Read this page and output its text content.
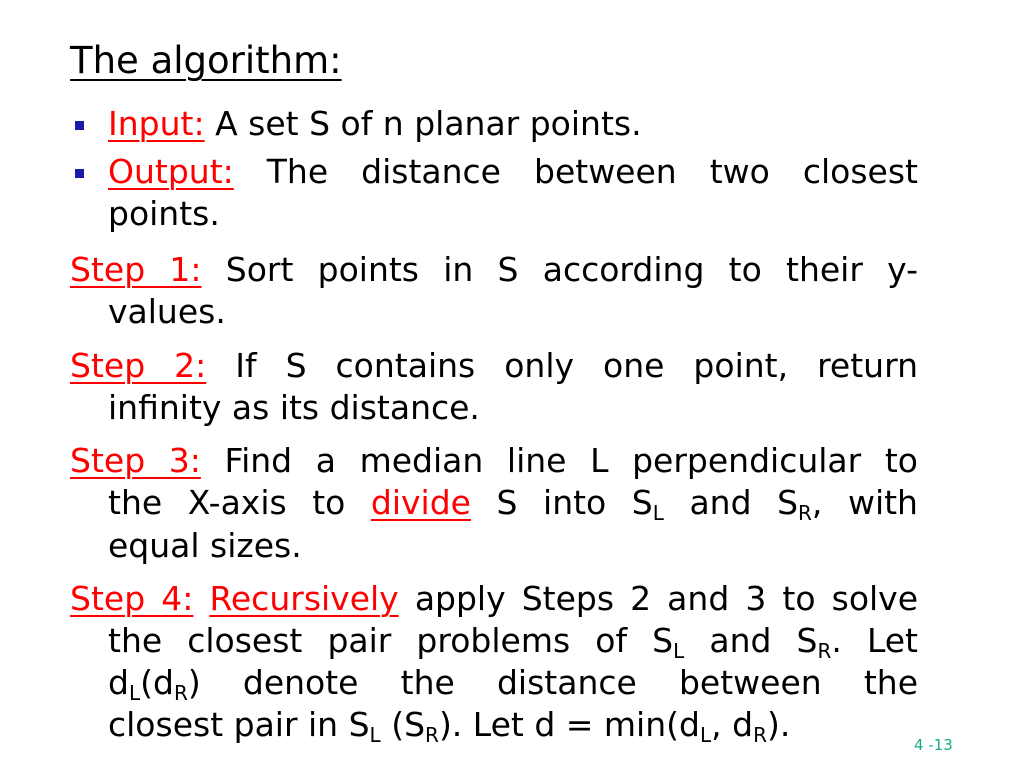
The algorithm:
Input: A set S of n planar points.
Output: The distance between two closest
points.
Step 1: Sort points in S according to their y-
values.
Step 2: If S contains only one point, return
infinity as its distance.
Step 3: Find a median line L perpendicular to
the X-axis to divide S into $S_L$ and $S_R$, with
equal sizes.
Step 4: Recursively apply Steps 2 and 3 to solve
the closest pair problems of $S_L$ and $S_R$. Let
$d_L(d_R)$ denote the distance between the
closest pair in $S_L$ $(S_R)$. Let $d = \min(d_L$, $d_R$).
4 -13
